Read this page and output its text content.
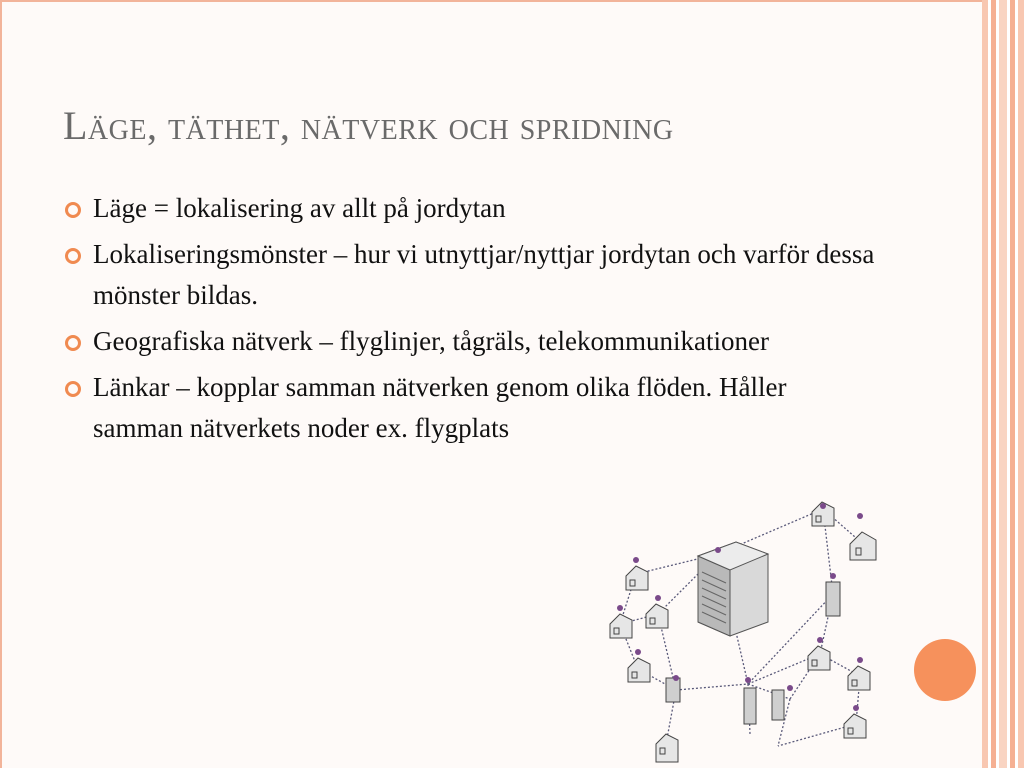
Läge, täthet, nätverk och spridning
Läge = lokalisering av allt på jordytan
Lokaliseringsmönster – hur vi utnyttjar/nyttjar jordytan och varför dessa mönster bildas.
Geografiska nätverk – flyglinjer, tågräls, telekommunikationer
Länkar – kopplar samman nätverken genom olika flöden. Håller samman nätverkets noder ex. flygplats
